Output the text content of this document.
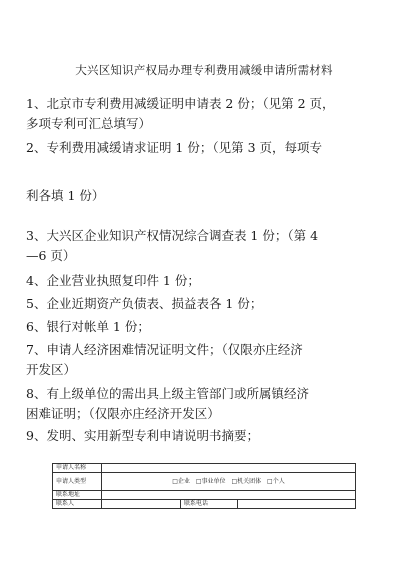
大兴区知识产权局办理专利费用减缓申请所需材料
1、北京市专利费用减缓证明申请表 2 份；（见第 2 页，
多项专利可汇总填写）
2、专利费用减缓请求证明 1 份；（见第 3 页，每项专
利各填 1 份）
3、大兴区企业知识产权情况综合调查表 1 份；（第 4
—6 页）
4、企业营业执照复印件 1 份；
5、企业近期资产负债表、损益表各 1 份；
6、银行对帐单 1 份；
7、申请人经济困难情况证明文件；（仅限亦庄经济
开发区）
8、有上级单位的需出具上级主管部门或所属镇经济
困难证明；（仅限亦庄经济开发区）
9、发明、实用新型专利申请说明书摘要；
申请人名称			
申请人类型	□企业 □事业单位 □机关团体 □个人		
联系地址			
联系人		联系电话	
